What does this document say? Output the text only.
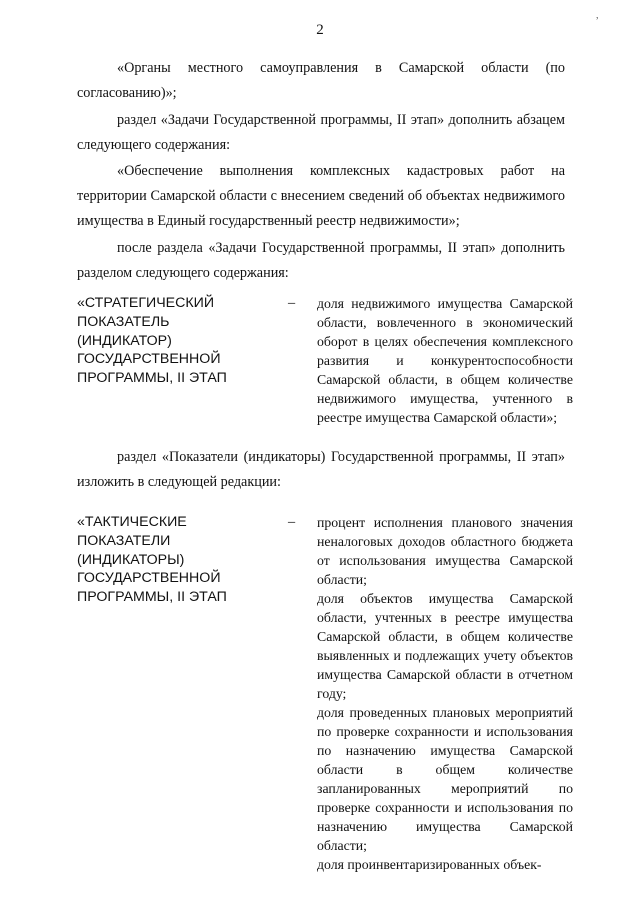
,
2
«Органы местного самоуправления в Самарской области (по согласованию)»;
раздел «Задачи Государственной программы, II этап» дополнить абзацем следующего содержания:
«Обеспечение выполнения комплексных кадастровых работ на территории Самарской области с внесением сведений об объектах недвижимого имущества в Единый государственный реестр недвижимости»;
после раздела «Задачи Государственной программы, II этап» дополнить разделом следующего содержания:
«СТРАТЕГИЧЕСКИЙ
ПОКАЗАТЕЛЬ
(ИНДИКАТОР)
ГОСУДАРСТВЕННОЙ
ПРОГРАММЫ, II ЭТАП
– доля недвижимого имущества Самарской области, вовлеченного в экономический оборот в целях обеспечения комплексного развития и конкурентоспособности Самарской области, в общем количестве недвижимого имущества, учтенного в реестре имущества Самарской области»;

раздел «Показатели (индикаторы) Государственной программы, II этап» изложить в следующей редакции:
«ТАКТИЧЕСКИЕ
ПОКАЗАТЕЛИ
(ИНДИКАТОРЫ)
ГОСУДАРСТВЕННОЙ
ПРОГРАММЫ, II ЭТАП
– процент исполнения планового значения неналоговых доходов областного бюджета от использования имущества Самарской области;

доля объектов имущества Самарской области, учтенных в реестре имущества Самарской области, в общем количестве выявленных и подлежащих учету объектов имущества Самарской области в отчетном году;

доля проведенных плановых мероприятий по проверке сохранности и использования по назначению имущества Самарской области в общем количестве запланированных мероприятий по проверке сохранности и использования по назначению имущества Самарской области;

доля проинвентаризированных объек-
